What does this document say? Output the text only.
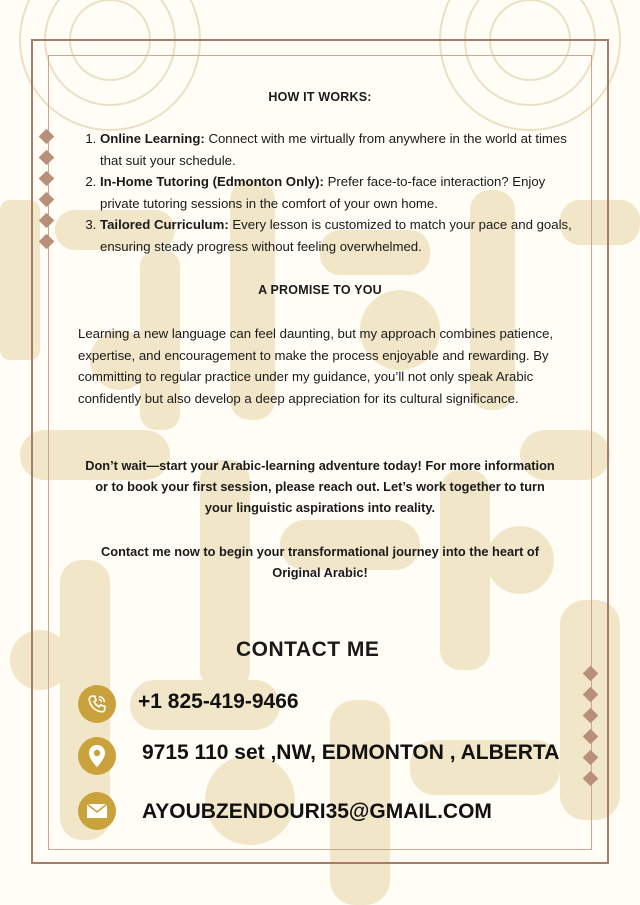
HOW IT WORKS:
1. Online Learning: Connect with me virtually from anywhere in the world at times that suit your schedule.
2. In-Home Tutoring (Edmonton Only): Prefer face-to-face interaction? Enjoy private tutoring sessions in the comfort of your own home.
3. Tailored Curriculum: Every lesson is customized to match your pace and goals, ensuring steady progress without feeling overwhelmed.
A PROMISE TO YOU
Learning a new language can feel daunting, but my approach combines patience, expertise, and encouragement to make the process enjoyable and rewarding. By committing to regular practice under my guidance, you’ll not only speak Arabic confidently but also develop a deep appreciation for its cultural significance.
Don’t wait—start your Arabic-learning adventure today! For more information or to book your first session, please reach out. Let’s work together to turn your linguistic aspirations into reality.
Contact me now to begin your transformational journey into the heart of Original Arabic!
CONTACT ME
+1 825-419-9466
9715 110 set ,NW, EDMONTON , ALBERTA
AYOUBZENDOURI35@GMAIL.COM
